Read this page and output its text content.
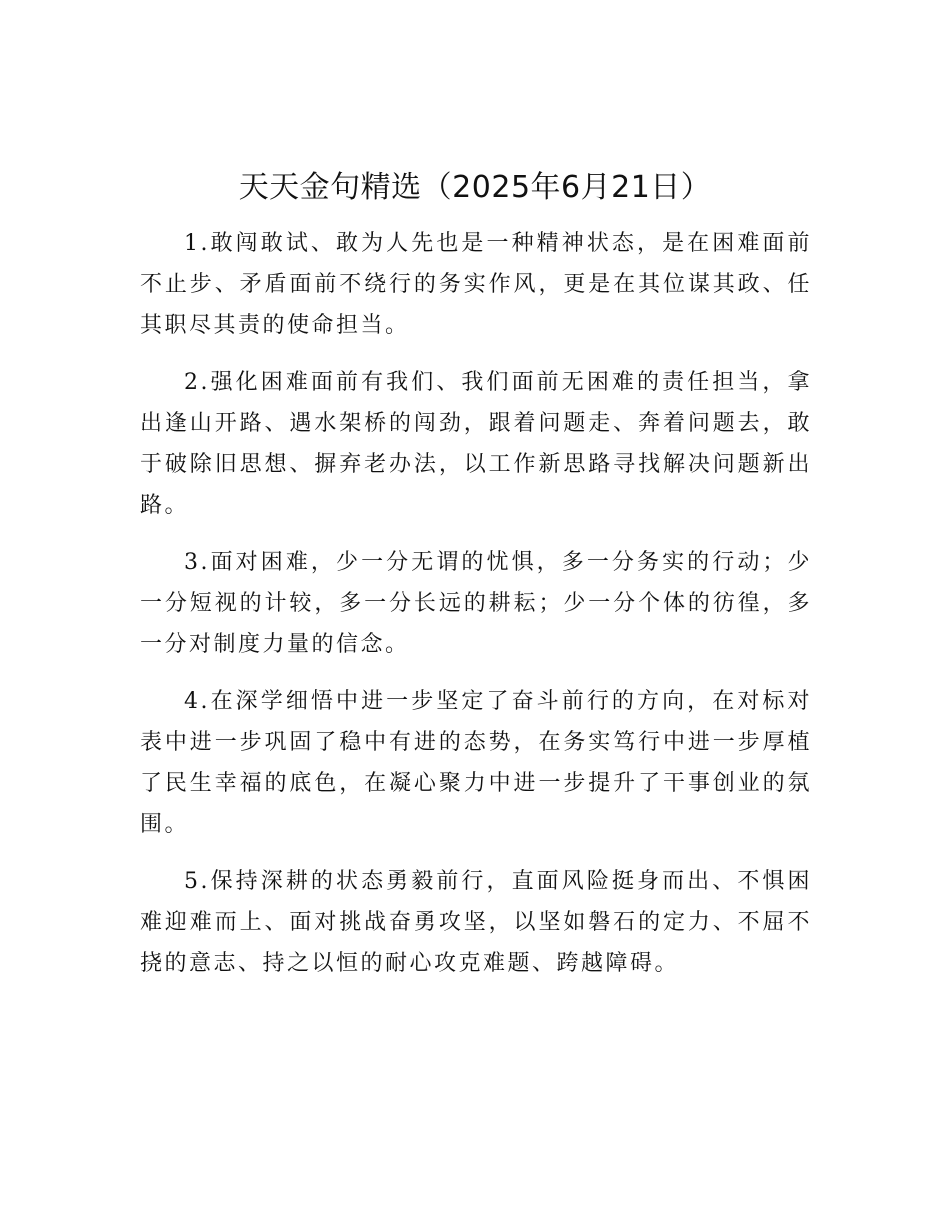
天天金句精选（2025年6月21日）

1.敢闯敢试、敢为人先也是一种精神状态，是在困难面前不止步、矛盾面前不绕行的务实作风，更是在其位谋其政、任其职尽其责的使命担当。

2.强化困难面前有我们、我们面前无困难的责任担当，拿出逢山开路、遇水架桥的闯劲，跟着问题走、奔着问题去，敢于破除旧思想、摒弃老办法，以工作新思路寻找解决问题新出路。

3.面对困难，少一分无谓的忧惧，多一分务实的行动；少一分短视的计较，多一分长远的耕耘；少一分个体的彷徨，多一分对制度力量的信念。

4.在深学细悟中进一步坚定了奋斗前行的方向，在对标对表中进一步巩固了稳中有进的态势，在务实笃行中进一步厚植了民生幸福的底色，在凝心聚力中进一步提升了干事创业的氛围。

5.保持深耕的状态勇毅前行，直面风险挺身而出、不惧困难迎难而上、面对挑战奋勇攻坚，以坚如磐石的定力、不屈不挠的意志、持之以恒的耐心攻克难题、跨越障碍。
